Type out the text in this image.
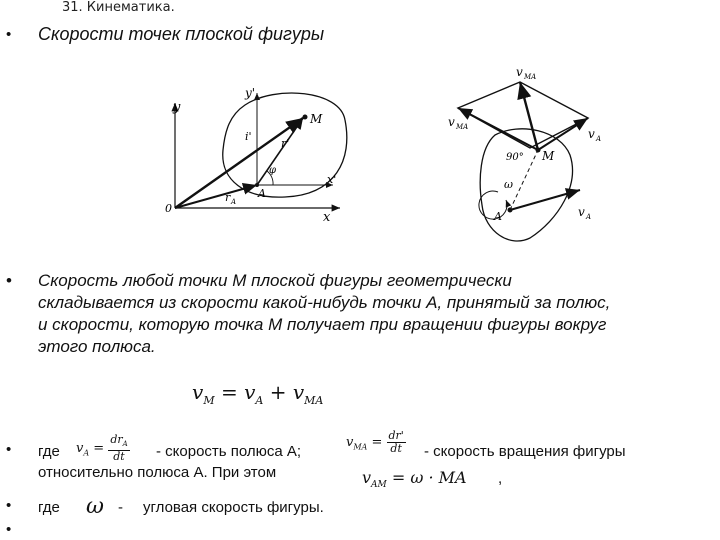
31. Кинематика.
• Скорости точек плоской фигуры
y
y'
x
x'
0
A
M
r A
i'
r'
φ
v MA
v MA	v A
v A
M
A
ω
90°
• Скорость любой точки М плоской фигуры геометрически

складывается из скорости какой-нибудь точки А, принятый за полюс,

и скорости, которую точка М получает при вращении фигуры вокруг

этого полюса.

$v_M = v_A + v_{MA}$
• где $v_A = \frac{dr_A}{dt}$ - скорость полюса А;
$v_{MA} = \frac{dr'}{dt}$ - скорость вращения фигуры
относительно полюса А. При этом	$v_{AM} = \omega$ · MA ,
• где ω - угловая скорость фигуры.
•
